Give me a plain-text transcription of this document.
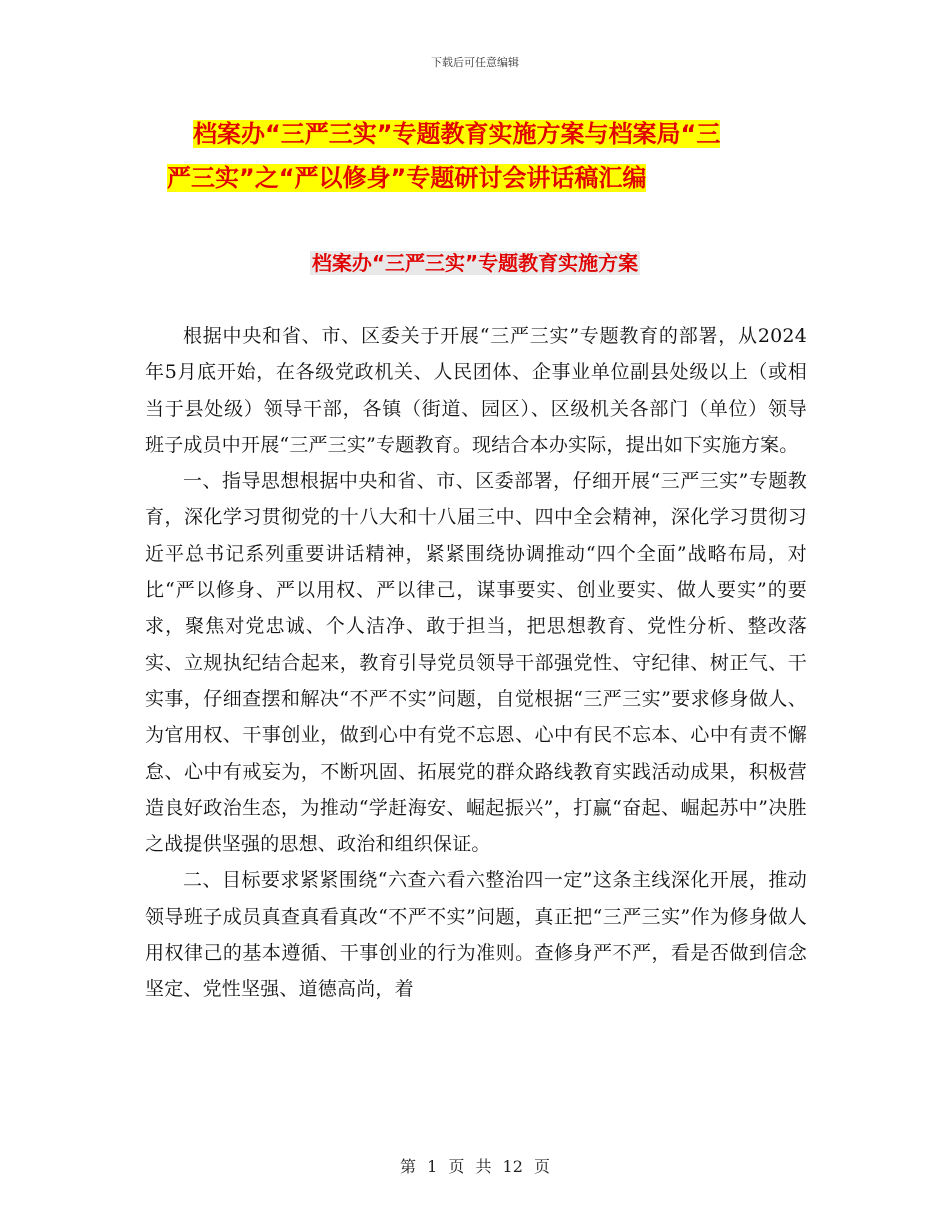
下载后可任意编辑
档案办“三严三实”专题教育实施方案与档案局“三
严三实”之“严以修身”专题研讨会讲话稿汇编
档案办“三严三实”专题教育实施方案

根据中央和省、市、区委关于开展“三严三实”专题教育的部署，从2024年5月底开始，在各级党政机关、人民团体、企事业单位副县处级以上（或相当于县处级）领导干部，各镇（街道、园区）、区级机关各部门（单位）领导班子成员中开展“三严三实”专题教育。现结合本办实际，提出如下实施方案。

一、指导思想根据中央和省、市、区委部署，仔细开展“三严三实”专题教育，深化学习贯彻党的十八大和十八届三中、四中全会精神，深化学习贯彻习近平总书记系列重要讲话精神，紧紧围绕协调推动“四个全面”战略布局，对比“严以修身、严以用权、严以律己，谋事要实、创业要实、做人要实”的要求，聚焦对党忠诚、个人洁净、敢于担当，把思想教育、党性分析、整改落实、立规执纪结合起来，教育引导党员领导干部强党性、守纪律、树正气、干实事，仔细查摆和解决“不严不实”问题，自觉根据“三严三实”要求修身做人、为官用权、干事创业，做到心中有党不忘恩、心中有民不忘本、心中有责不懈怠、心中有戒妄为，不断巩固、拓展党的群众路线教育实践活动成果，积极营造良好政治生态，为推动“学赶海安、崛起振兴”，打赢“奋起、崛起苏中”决胜之战提供坚强的思想、政治和组织保证。

二、目标要求紧紧围绕“六查六看六整治四一定”这条主线深化开展，推动领导班子成员真查真看真改“不严不实”问题，真正把“三严三实”作为修身做人用权律己的基本遵循、干事创业的行为准则。查修身严不严，看是否做到信念坚定、党性坚强、道德高尚，着

第 1 页 共 12 页
